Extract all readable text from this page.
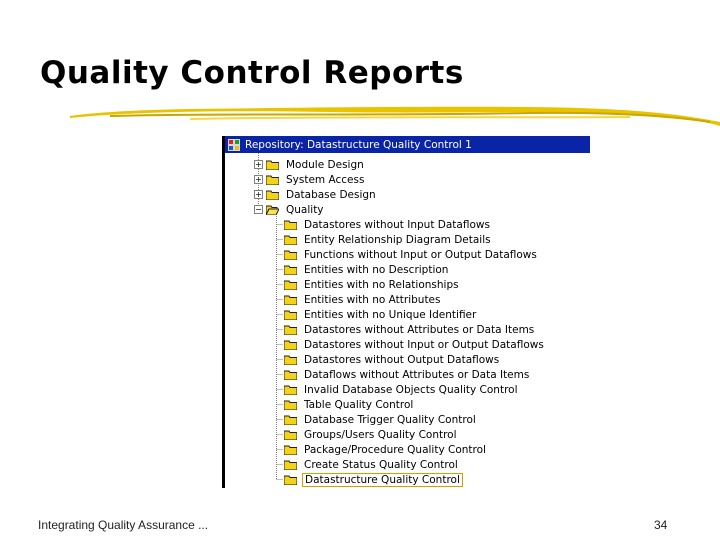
Quality Control Reports
Repository: Datastructure Quality Control 1
+ Module Design
+ System Access
+ Database Design
− Quality
Datastores without Input Dataflows
Entity Relationship Diagram Details
Functions without Input or Output Dataflows
Entities with no Description
Entities with no Relationships
Entities with no Attributes
Entities with no Unique Identifier
Datastores without Attributes or Data Items
Datastores without Input or Output Dataflows
Datastores without Output Dataflows
Dataflows without Attributes or Data Items
Invalid Database Objects Quality Control
Table Quality Control
Database Trigger Quality Control
Groups/Users Quality Control
Package/Procedure Quality Control
Create Status Quality Control
Datastructure Quality Control
Integrating Quality Assurance ...	34
